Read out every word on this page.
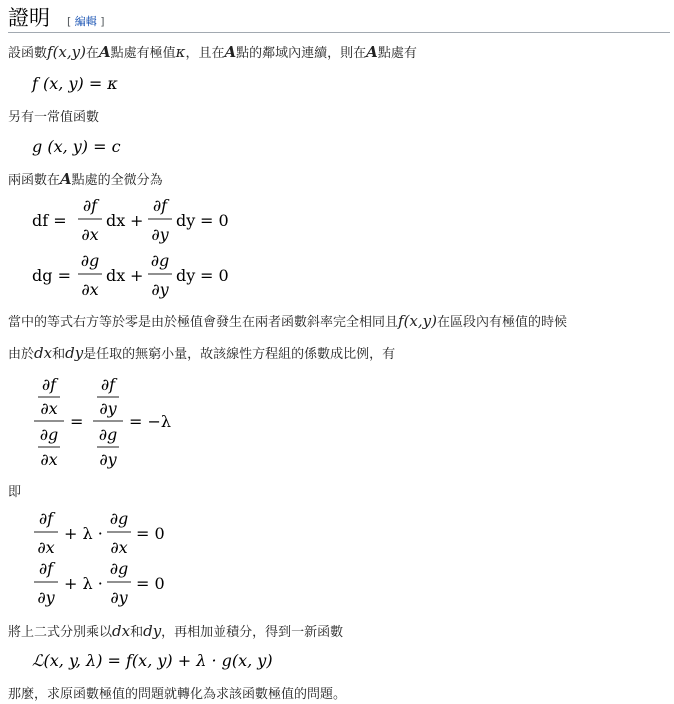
證明 [ 編輯 ]
設函數f(x,y)在A點處有極值κ，且在A點的鄰域內連續，則在A點處有
f (x, y) = κ
另有一常值函數
g (x, y) = c
兩函數在A點處的全微分為
df =
∂f
∂x
dx +
∂f
∂y
dy = 0
dg =
∂g
∂x
dx +
∂g
∂y
dy = 0
當中的等式右方等於零是由於極值會發生在兩者函數斜率完全相同且f(x,y)在區段內有極值的時候
由於dx和dy是任取的無窮小量，故該線性方程組的係數成比例，有
∂f
∂x
∂g
∂x
=
∂f
∂y
∂g
∂y
= −λ
即
∂f
∂x
+ λ ·
∂g
∂x
= 0
∂f
∂y
+ λ ·
∂g
∂y
= 0
將上二式分別乘以dx和dy，再相加並積分，得到一新函數
ℒ(x, y, λ) = f(x, y) + λ · g(x, y)
那麼，求原函數極值的問題就轉化為求該函數極值的問題。
